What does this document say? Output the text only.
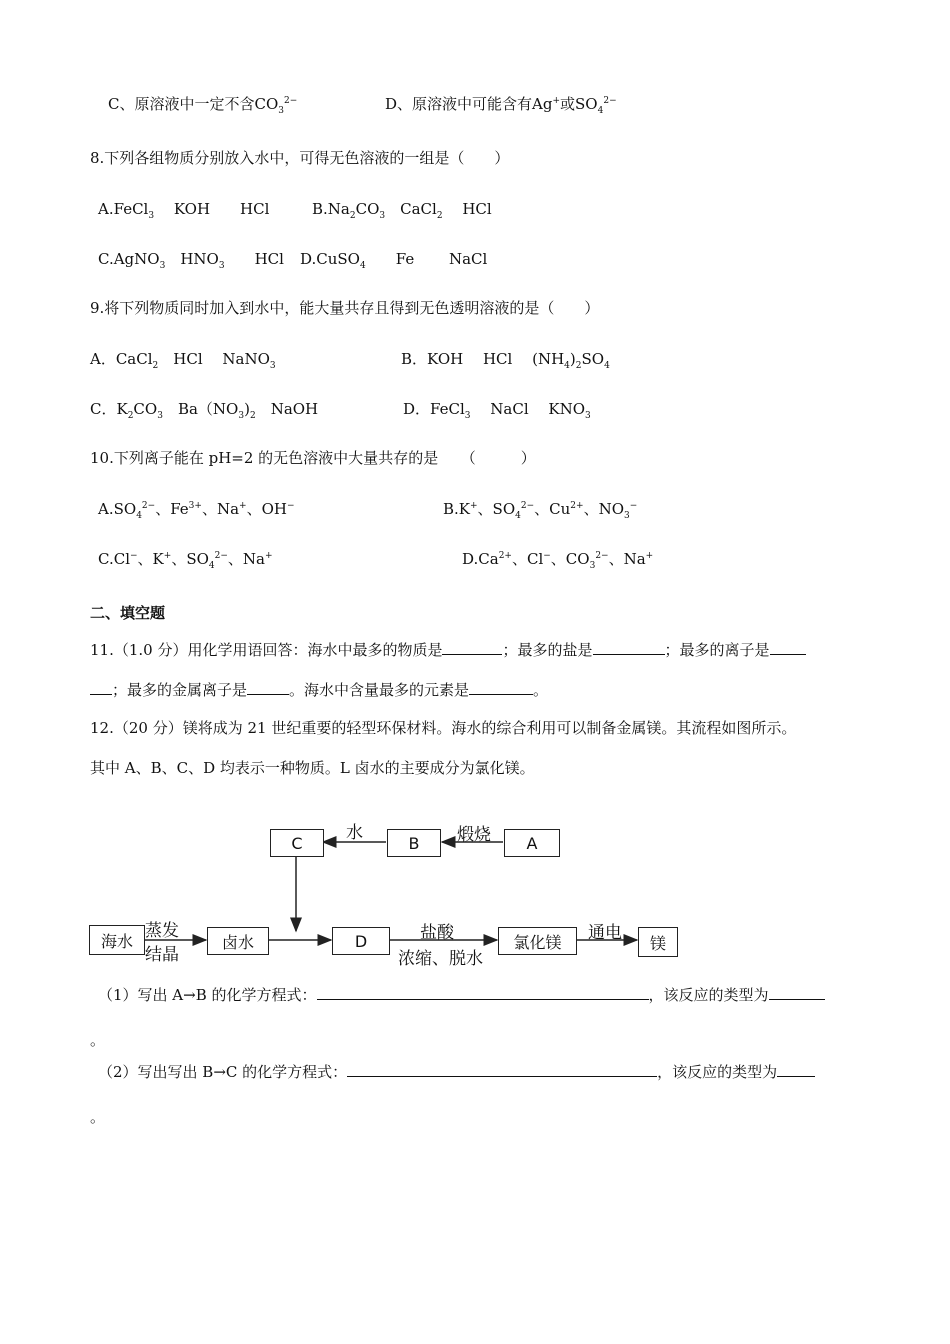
C、原溶液中一定不含$CO_3^{2-}$	D、原溶液中可能含有Ag+或$SO_4^{2-}$
8.下列各组物质分别放入水中，可得无色溶液的一组是（　　）
A.FeCl$_3$　 KOH　　HCl	$B.Na_2CO_3$　CaCl$_2$　 HCl
C.AgNO$_3$　 $HNO_3$　　 HCl D.CuSO$_4$　　 Fe　　 NaCl
9.将下列物质同时加入到水中，能大量共存且得到无色透明溶液的是（　　）
A．CaCl$_2$　 HCl　 NaNO$_3$	B．KOH　 HCl　 $(NH_4)_2SO_4$
C．$K_2CO_3$　 $Ba(NO_3)_2$　 NaOH	D．FeCl$_3$　 NaCl　 $KNO_3$
10.下列离子能在 pH=2 的无色溶液中大量共存的是　　（　　　）
$A.SO_4^{2-}$、$Fe^{3+}$、Na+、OH−	B.K+、$SO_4^{2-}$、$Cu^{2+}$、$NO_3^-$
C.Cl−、K+、$SO_4^{2-}$、Na+	$D.Ca^{2+}$、Cl−、$CO_3^{2-}$、Na+
二、填空题
11.（1.0 分）用化学用语回答：海水中最多的物质是	；最多的盐是	；最多的离子是
；最多的金属离子是	。海水中含量最多的元素是	。
12.（20 分）镁将成为 21 世纪重要的轻型环保材料。海水的综合利用可以制备金属镁。其流程如图所示。
其中 A、B、C、D 均表示一种物质。L 卤水的主要成分为氯化镁。
C	B	A
海水	卤水	D	氯化镁	镁
水	煅烧
蒸发
结晶
盐酸
浓缩、脱水
通电
（1）写出 A→B 的化学方程式：	，该反应的类型为
。
（2）写出写出 B→C 的化学方程式：	，该反应的类型为
。
